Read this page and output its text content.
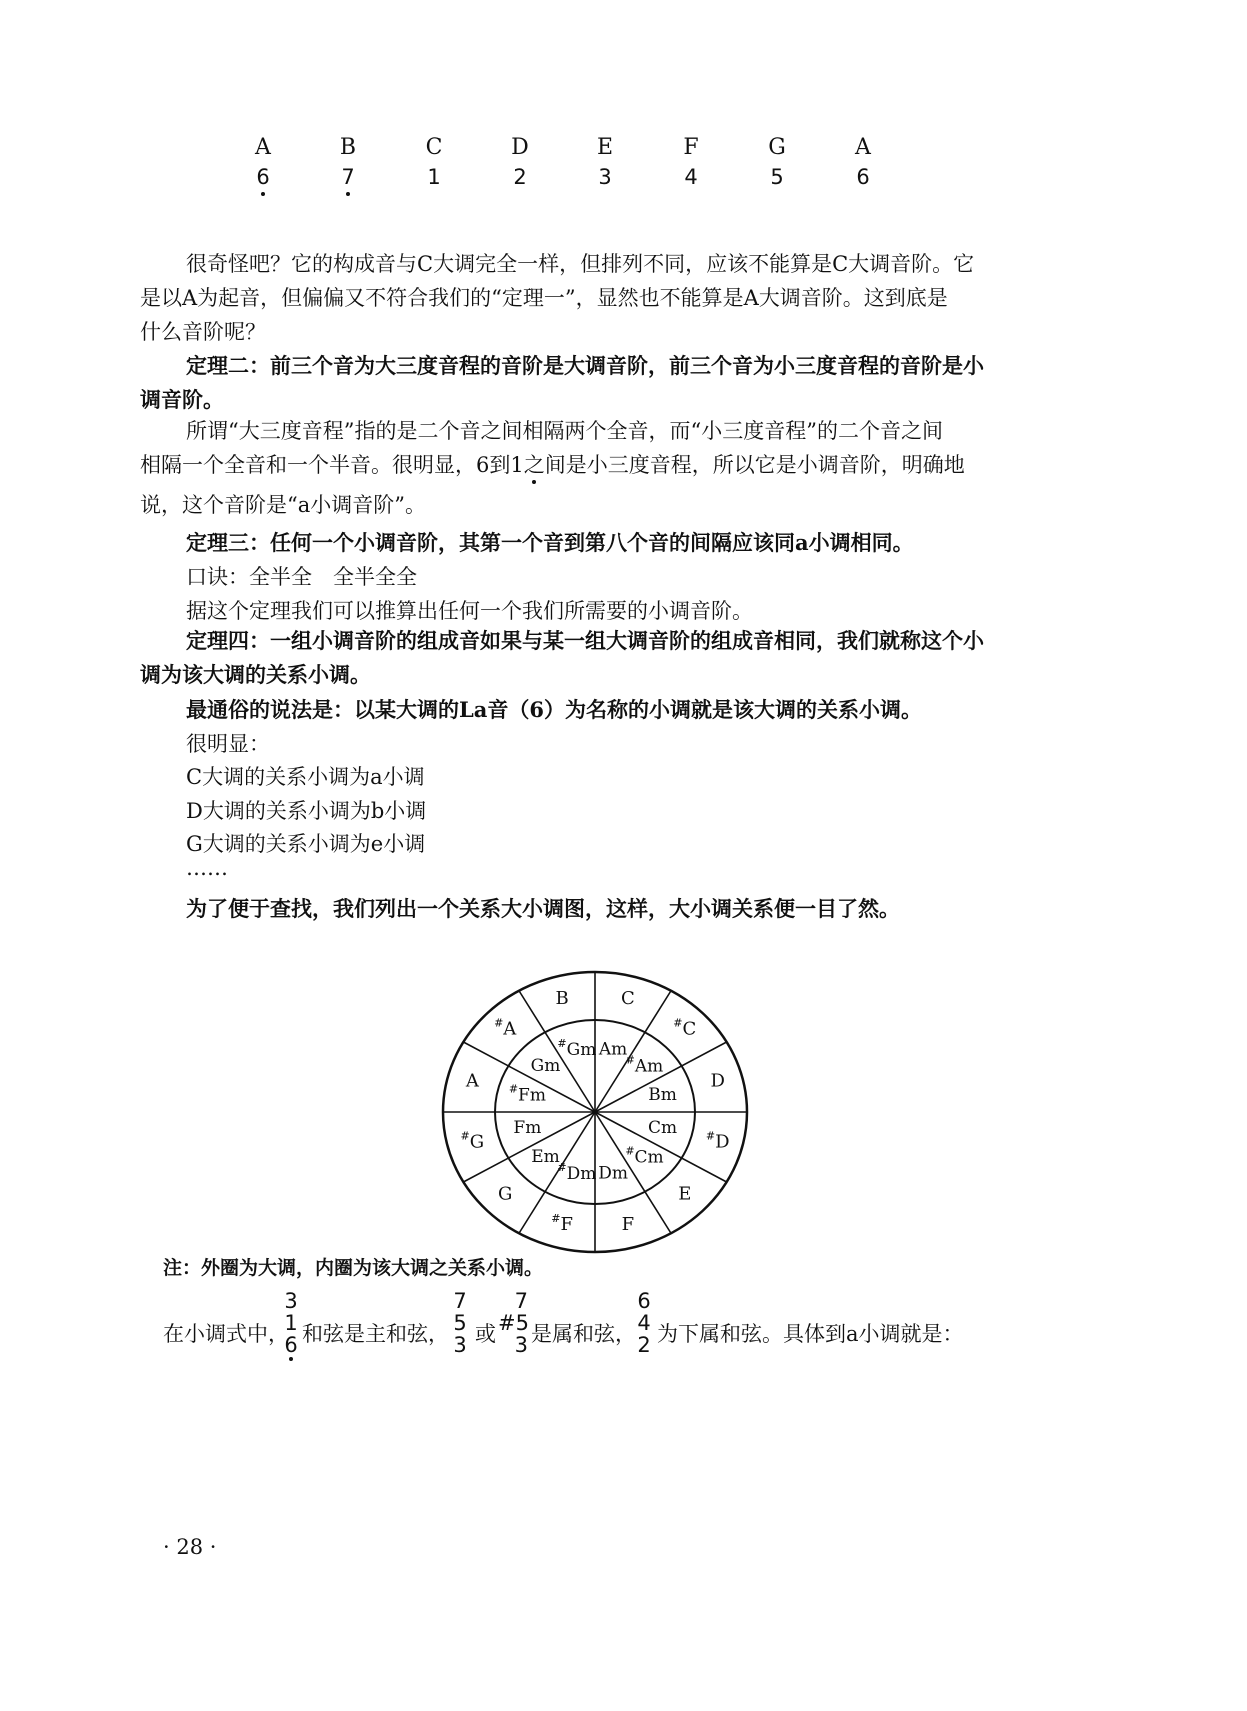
A	B	C	D	E	F	G	A
6	7	1	2	3	4	5	6
很奇怪吧？它的构成音与C大调完全一样，但排列不同，应该不能算是C大调音阶。它
是以A为起音，但偏偏又不符合我们的“定理一”，显然也不能算是A大调音阶。这到底是
什么音阶呢？
定理二：前三个音为大三度音程的音阶是大调音阶，前三个音为小三度音程的音阶是小
调音阶。
所谓“大三度音程”指的是二个音之间相隔两个全音，而“小三度音程”的二个音之间
相隔一个全音和一个半音。很明显，6到1之间是小三度音程，所以它是小调音阶，明确地
说，这个音阶是“a小调音阶”。
定理三：任何一个小调音阶，其第一个音到第八个音的间隔应该同a小调相同。
口诀：全半全　全半全全
据这个定理我们可以推算出任何一个我们所需要的小调音阶。
定理四：一组小调音阶的组成音如果与某一组大调音阶的组成音相同，我们就称这个小
调为该大调的关系小调。
最通俗的说法是：以某大调的La音（6）为名称的小调就是该大调的关系小调。
很明显：
C大调的关系小调为a小调
D大调的关系小调为b小调
G大调的关系小调为e小调
……
为了便于查找，我们列出一个关系大小调图，这样，大小调关系便一目了然。
C
#C
D
#D
E
F
#F
G
#G
A
#A
B
Am
#Am
Bm
Cm
#Cm
Dm
#Dm
Em
Fm
#Fm
Gm
#Gm
注：外圈为大调，内圈为该大调之关系小调。
在小调式中，
3
1
6 和弦是主和弦，
7
5
3 或
7
#5
3 是属和弦，
6
4
2 为下属和弦。具体到a小调就是：
· 28 ·
